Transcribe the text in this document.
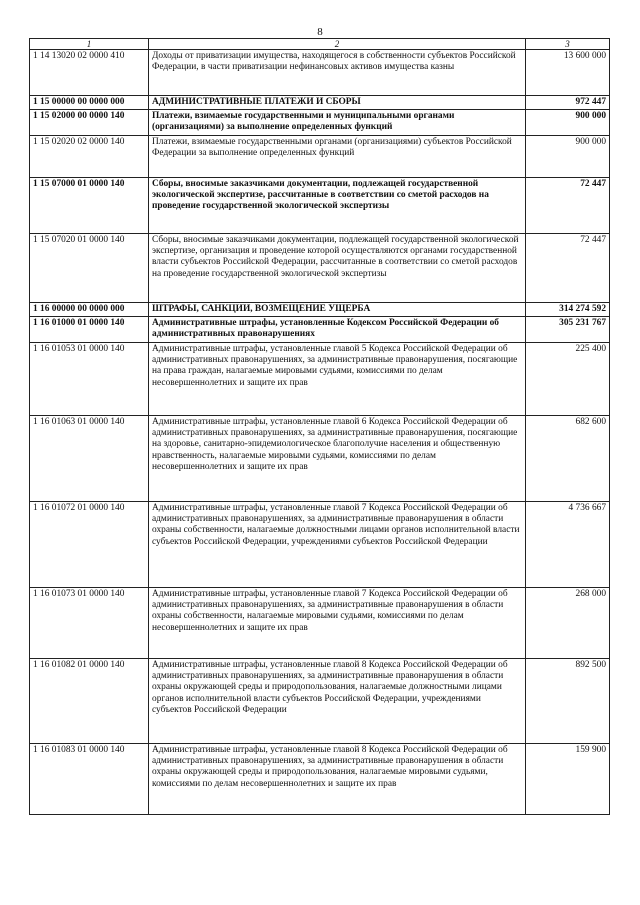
8
1	2	3
1 14 13020 02 0000 410	Доходы от приватизации имущества, находящегося в собственности субъектов Российской Федерации, в части приватизации нефинансовых активов имущества казны	13 600 000
1 15 00000 00 0000 000	АДМИНИСТРАТИВНЫЕ ПЛАТЕЖИ И СБОРЫ	972 447
1 15 02000 00 0000 140	Платежи, взимаемые государственными и муниципальными органами (организациями) за выполнение определенных функций	900 000
1 15 02020 02 0000 140	Платежи, взимаемые государственными органами (организациями) субъектов Российской Федерации за выполнение определенных функций	900 000
1 15 07000 01 0000 140	Сборы, вносимые заказчиками документации, подлежащей государственной экологической экспертизе, рассчитанные в соответствии со сметой расходов на проведение государственной экологической экспертизы	72 447
1 15 07020 01 0000 140	Сборы, вносимые заказчиками документации, подлежащей государственной экологической экспертизе, организация и проведение которой осуществляются органами государственной власти субъектов Российской Федерации, рассчитанные в соответствии со сметой расходов на проведение государственной экологической экспертизы	72 447
1 16 00000 00 0000 000	ШТРАФЫ, САНКЦИИ, ВОЗМЕЩЕНИЕ УЩЕРБА	314 274 592
1 16 01000 01 0000 140	Административные штрафы, установленные Кодексом Российской Федерации об административных правонарушениях	305 231 767
1 16 01053 01 0000 140	Административные штрафы, установленные главой 5 Кодекса Российской Федерации об административных правонарушениях, за административные правонарушения, посягающие на права граждан, налагаемые мировыми судьями, комиссиями по делам несовершеннолетних и защите их прав	225 400
1 16 01063 01 0000 140	Административные штрафы, установленные главой 6 Кодекса Российской Федерации об административных правонарушениях, за административные правонарушения, посягающие на здоровье, санитарно-эпидемиологическое благополучие населения и общественную нравственность, налагаемые мировыми судьями, комиссиями по делам несовершеннолетних и защите их прав	682 600
1 16 01072 01 0000 140	Административные штрафы, установленные главой 7 Кодекса Российской Федерации об административных правонарушениях, за административные правонарушения в области охраны собственности, налагаемые должностными лицами органов исполнительной власти субъектов Российской Федерации, учреждениями субъектов Российской Федерации	4 736 667
1 16 01073 01 0000 140	Административные штрафы, установленные главой 7 Кодекса Российской Федерации об административных правонарушениях, за административные правонарушения в области охраны собственности, налагаемые мировыми судьями, комиссиями по делам несовершеннолетних и защите их прав	268 000
1 16 01082 01 0000 140	Административные штрафы, установленные главой 8 Кодекса Российской Федерации об административных правонарушениях, за административные правонарушения в области охраны окружающей среды и природопользования, налагаемые должностными лицами органов исполнительной власти субъектов Российской Федерации, учреждениями субъектов Российской Федерации	892 500
1 16 01083 01 0000 140	Административные штрафы, установленные главой 8 Кодекса Российской Федерации об административных правонарушениях, за административные правонарушения в области охраны окружающей среды и природопользования, налагаемые мировыми судьями, комиссиями по делам несовершеннолетних и защите их прав	159 900
